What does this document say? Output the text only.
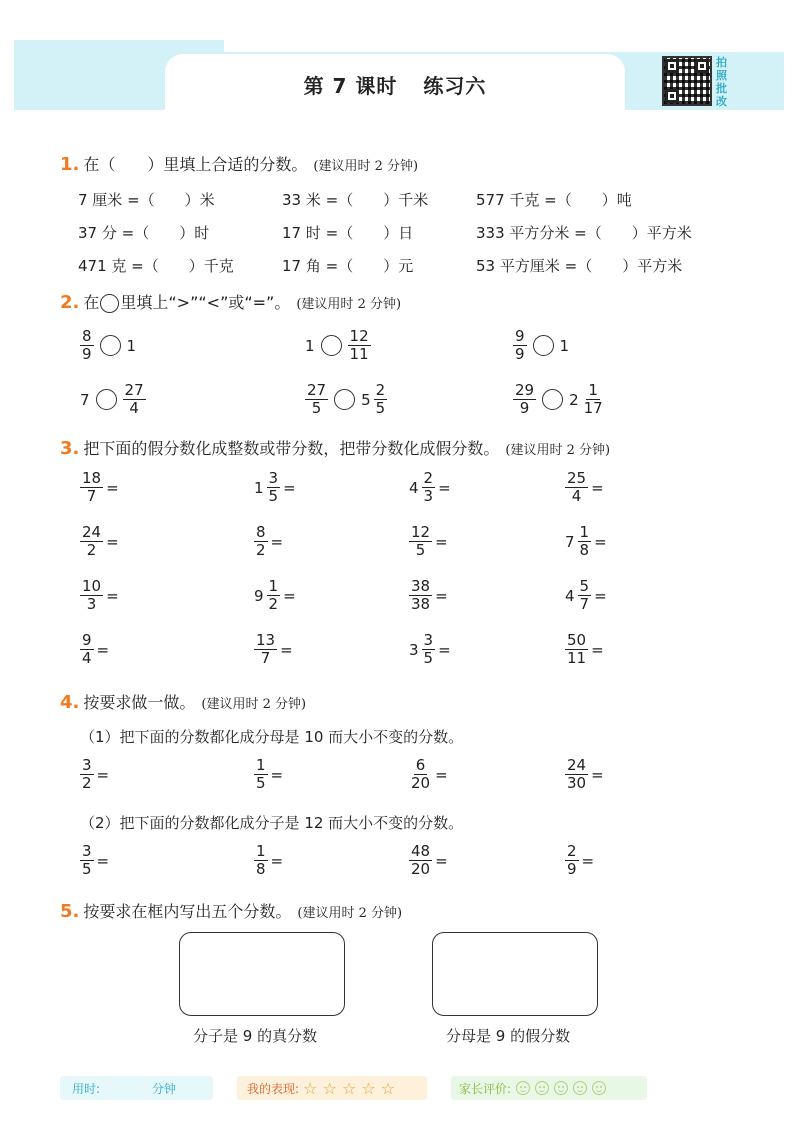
第 7 课时 练习六
拍照批改
1. 在（　　）里填上合适的分数。 (建议用时 2 分钟)
7 厘米 =（　　）米	33 米 =（　　）千米	577 千克 =（　　）吨
37 分 =（　　）时	17 时 =（　　）日	333 平方分米 =（　　）平方米
471 克 =（　　）千克	17 角 =（　　）元	53 平方厘米 =（　　）平方米
2. 在 里填上“>”“<”或“=”。 (建议用时 2 分钟)
$\frac{8}{9} 1$	$1 \frac{12}{11}$	$\frac{9}{9} 1$
$7 \frac{27}{4}$	$\frac{27}{5} 5 \frac{2}{5}$	$\frac{29}{9} 2 \frac{1}{17}$
3. 把下面的假分数化成整数或带分数，把带分数化成假分数。 (建议用时 2 分钟)
$\frac{18}{7}$ =	$1 \frac{3}{5}$ =	$4 \frac{2}{3}$ =	$\frac{25}{4}$ =
$\frac{24}{2}$ =	$\frac{8}{2}$ =	$\frac{12}{5}$ =	$7 \frac{1}{8}$ =
$\frac{10}{3}$ =	$9 \frac{1}{2}$ =	$\frac{38}{38}$ =	$4 \frac{5}{7}$ =
$\frac{9}{4}$ =	$\frac{13}{7}$ =	$3 \frac{3}{5}$ =	$\frac{50}{11}$ =
4. 按要求做一做。 (建议用时 2 分钟)
（1）把下面的分数都化成分母是 10 而大小不变的分数。
$\frac{3}{2}$ =	$\frac{1}{5}$ =	$\frac{6}{20}$ =	$\frac{24}{30}$ =
（2）把下面的分数都化成分子是 12 而大小不变的分数。
$\frac{3}{5}$ =	$\frac{1}{8}$ =	$\frac{48}{20}$ =	$\frac{2}{9}$ =
5. 按要求在框内写出五个分数。 (建议用时 2 分钟)
分子是 9 的真分数	分母是 9 的假分数
用时:	分钟	我的表现: ☆ ☆ ☆ ☆ ☆	家长评价:
